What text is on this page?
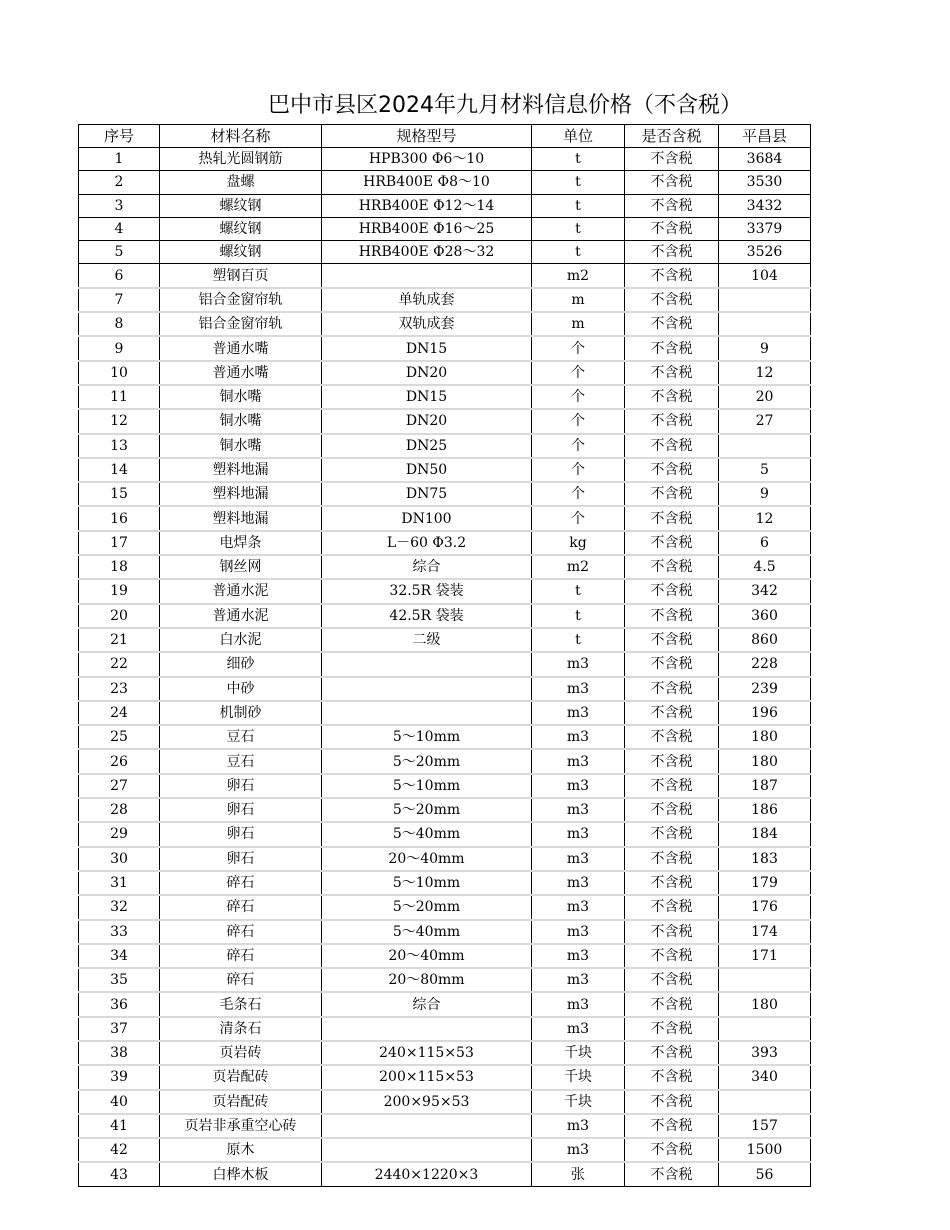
巴中市县区2024年九月材料信息价格（不含税）
序号	材料名称	规格型号	单位	是否含税	平昌县
1	热轧光圆钢筋	HPB300 Φ6～10	t	不含税	3684
2	盘螺	HRB400E Φ8～10	t	不含税	3530
3	螺纹钢	HRB400E Φ12～14	t	不含税	3432
4	螺纹钢	HRB400E Φ16～25	t	不含税	3379
5	螺纹钢	HRB400E Φ28～32	t	不含税	3526
6	塑钢百页		m2	不含税	104
7	铝合金窗帘轨	单轨成套	m	不含税	
8	铝合金窗帘轨	双轨成套	m	不含税	
9	普通水嘴	DN15	个	不含税	9
10	普通水嘴	DN20	个	不含税	12
11	铜水嘴	DN15	个	不含税	20
12	铜水嘴	DN20	个	不含税	27
13	铜水嘴	DN25	个	不含税	
14	塑料地漏	DN50	个	不含税	5
15	塑料地漏	DN75	个	不含税	9
16	塑料地漏	DN100	个	不含税	12
17	电焊条	L－60 Φ3.2	kg	不含税	6
18	钢丝网	综合	m2	不含税	4.5
19	普通水泥	32.5R 袋装	t	不含税	342
20	普通水泥	42.5R 袋装	t	不含税	360
21	白水泥	二级	t	不含税	860
22	细砂		m3	不含税	228
23	中砂		m3	不含税	239
24	机制砂		m3	不含税	196
25	豆石	5～10mm	m3	不含税	180
26	豆石	5～20mm	m3	不含税	180
27	卵石	5～10mm	m3	不含税	187
28	卵石	5～20mm	m3	不含税	186
29	卵石	5～40mm	m3	不含税	184
30	卵石	20～40mm	m3	不含税	183
31	碎石	5～10mm	m3	不含税	179
32	碎石	5～20mm	m3	不含税	176
33	碎石	5～40mm	m3	不含税	174
34	碎石	20～40mm	m3	不含税	171
35	碎石	20～80mm	m3	不含税	
36	毛条石	综合	m3	不含税	180
37	清条石		m3	不含税	
38	页岩砖	240×115×53	千块	不含税	393
39	页岩配砖	200×115×53	千块	不含税	340
40	页岩配砖	200×95×53	千块	不含税	
41	页岩非承重空心砖		m3	不含税	157
42	原木		m3	不含税	1500
43	白桦木板	2440×1220×3	张	不含税	56
